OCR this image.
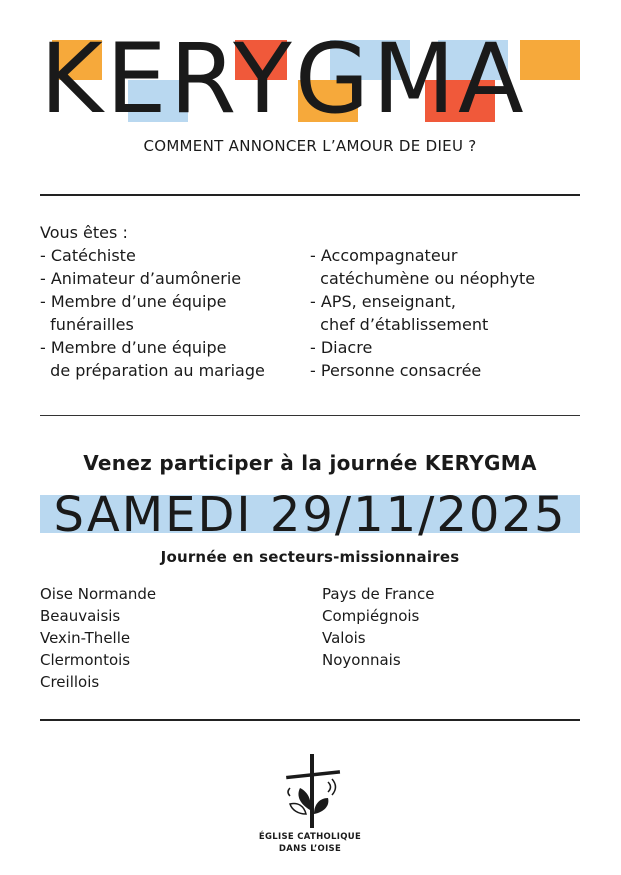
KERYGMA
COMMENT ANNONCER L’AMOUR DE DIEU ?
Vous êtes :
- Catéchiste
- Animateur d’aumônerie
- Membre d’une équipe
funérailles
- Membre d’une équipe
de préparation au mariage
- Accompagnateur
catéchumène ou néophyte
- APS, enseignant,
chef d’établissement
- Diacre
- Personne consacrée
Venez participer à la journée KERYGMA
SAMEDI 29/11/2025
Journée en secteurs-missionnaires
Oise Normande
Beauvaisis
Vexin-Thelle
Clermontois
Creillois
Pays de France
Compiégnois
Valois
Noyonnais
ÉGLISE CATHOLIQUE
DANS L’OISE
